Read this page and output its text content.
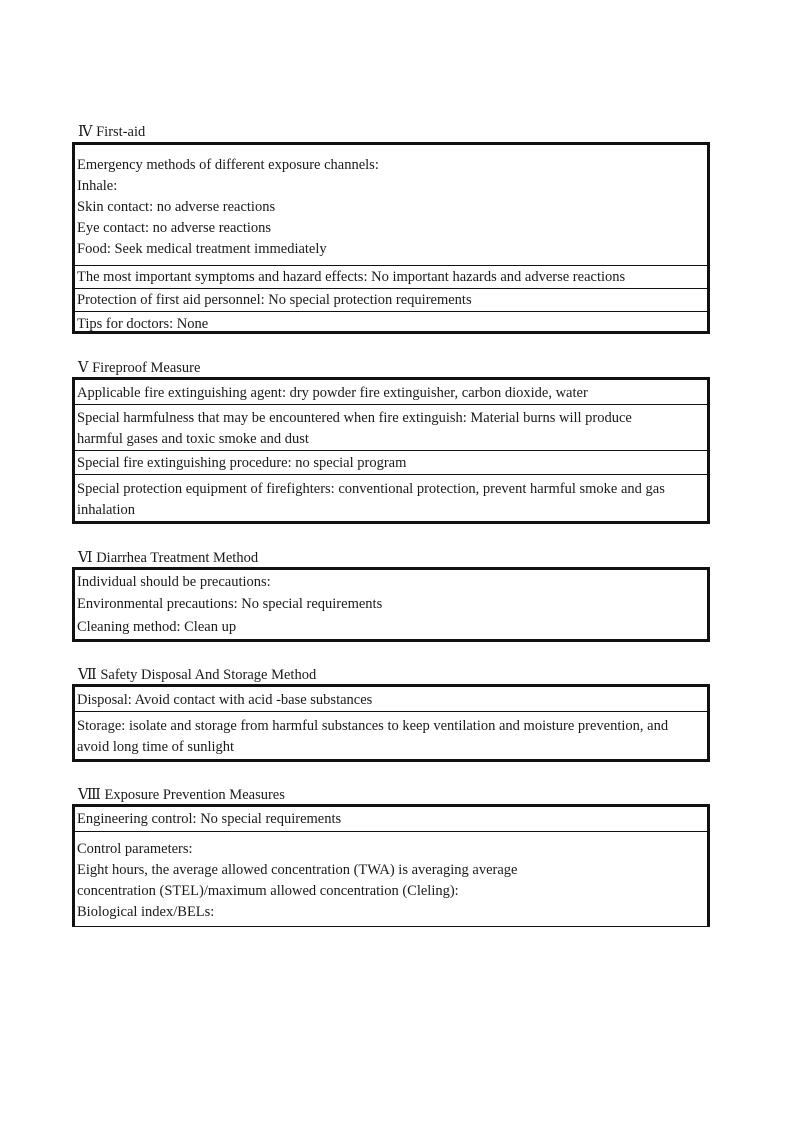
Ⅳ First-aid

Emergency methods of different exposure channels:

Inhale:

Skin contact: no adverse reactions

Eye contact: no adverse reactions

Food: Seek medical treatment immediately

The most important symptoms and hazard effects: No important hazards and adverse reactions

Protection of first aid personnel: No special protection requirements

Tips for doctors: None

Ⅴ Fireproof Measure

Applicable fire extinguishing agent: dry powder fire extinguisher, carbon dioxide, water

Special harmfulness that may be encountered when fire extinguish: Material burns will produce

harmful gases and toxic smoke and dust

Special fire extinguishing procedure: no special program

Special protection equipment of firefighters: conventional protection, prevent harmful smoke and gas

inhalation

Ⅵ Diarrhea Treatment Method

Individual should be precautions:

Environmental precautions: No special requirements

Cleaning method: Clean up

Ⅶ Safety Disposal And Storage Method

Disposal: Avoid contact with acid -base substances

Storage: isolate and storage from harmful substances to keep ventilation and moisture prevention, and

avoid long time of sunlight

Ⅷ Exposure Prevention Measures

Engineering control: No special requirements

Control parameters:

Eight hours, the average allowed concentration (TWA) is averaging average

concentration (STEL)/maximum allowed concentration (Cleling):

Biological index/BELs:
